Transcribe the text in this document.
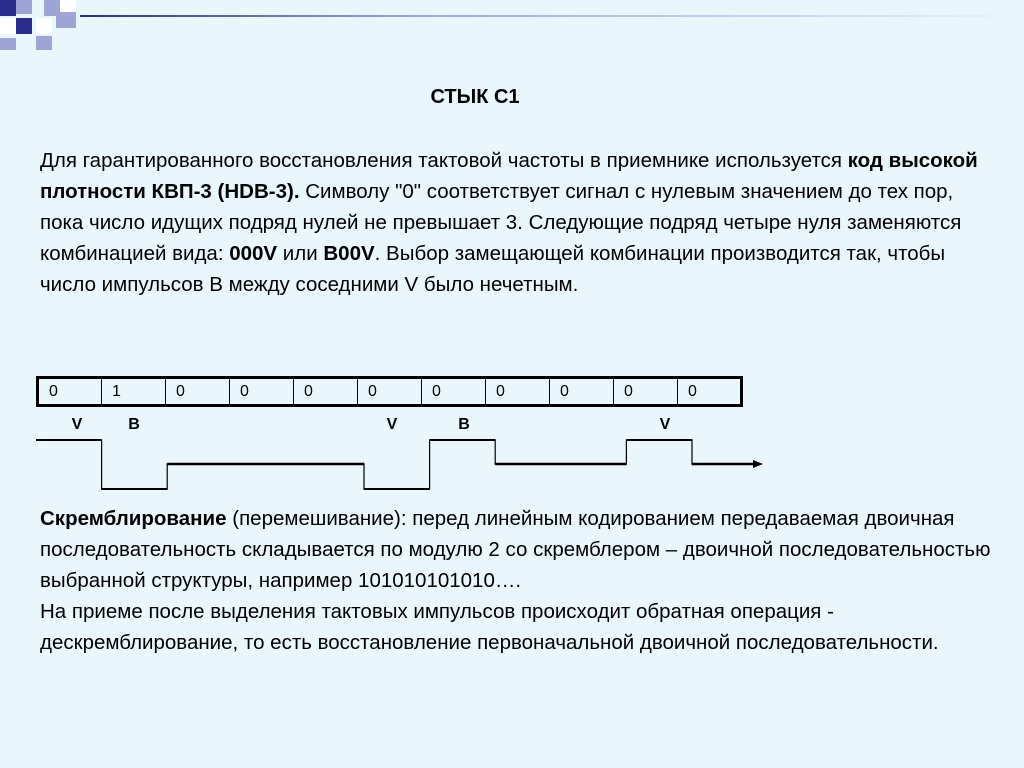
СТЫК С1
Для гарантированного восстановления тактовой частоты в приемнике используется код высокой плотности КВП-3 (HDB-3). Символу "0" соответствует сигнал с нулевым значением до тех пор, пока число идущих подряд нулей не превышает 3. Следующие подряд четыре нуля заменяются комбинацией вида: 000V или B00V. Выбор замещающей комбинации производится так, чтобы число импульсов B между соседними V было нечетным.
0	1	0	0	0	0	0	0	0	0	0
V	B	V	B	V
Скремблирование (перемешивание): перед линейным кодированием передаваемая двоичная последовательность складывается по модулю 2 со скремблером – двоичной последовательностью выбранной структуры, например 101010101010….
На приеме после выделения тактовых импульсов происходит обратная операция - дескремблирование, то есть восстановление первоначальной двоичной последовательности.
